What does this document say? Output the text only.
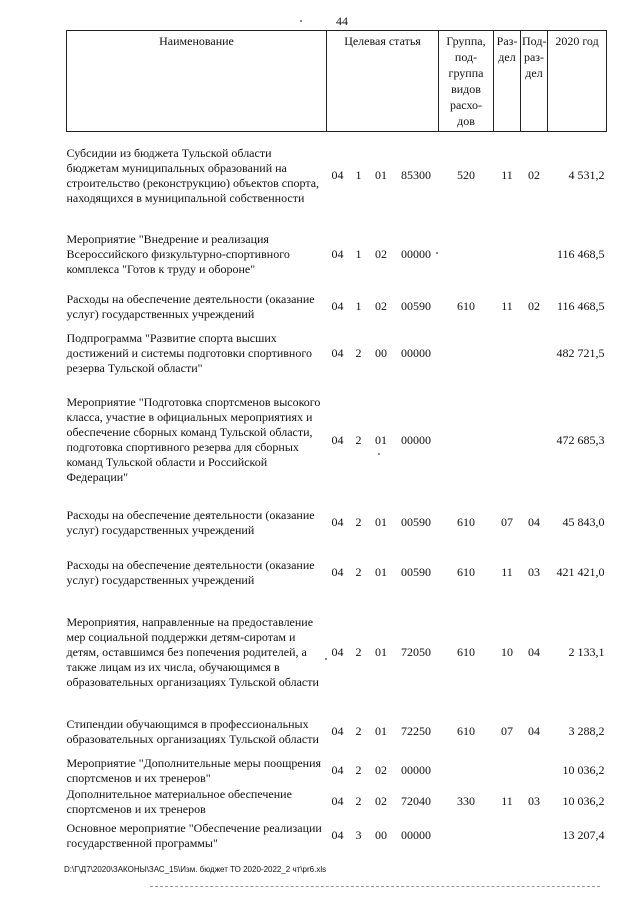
44
Наименование	Целевая статья				Группа, под- группа видов расхо- дов	Раз- дел	Под- раз- дел	2020 год
Субсидии из бюджета Тульской области бюджетам муниципальных образований на строительство (реконструкцию) объектов спорта, находящихся в муниципальной собственности	04	1	01	85300	520	11	02	4 531,2
Мероприятие "Внедрение и реализация Всероссийского физкультурно-спортивного комплекса "Готов к труду и обороне"	04	1	02	00000				116 468,5
Расходы на обеспечение деятельности (оказание услуг) государственных учреждений	04	1	02	00590	610	11	02	116 468,5
Подпрограмма "Развитие спорта высших достижений и системы подготовки спортивного резерва Тульской области"	04	2	00	00000				482 721,5
Мероприятие "Подготовка спортсменов высокого класса, участие в официальных мероприятиях и обеспечение сборных команд Тульской области, подготовка спортивного резерва для сборных команд Тульской области и Российской Федерации"	04	2	01	00000				472 685,3
Расходы на обеспечение деятельности (оказание услуг) государственных учреждений	04	2	01	00590	610	07	04	45 843,0
Расходы на обеспечение деятельности (оказание услуг) государственных учреждений	04	2	01	00590	610	11	03	421 421,0
Мероприятия, направленные на предоставление мер социальной поддержки детям-сиротам и детям, оставшимся без попечения родителей, а также лицам из их числа, обучающимся в образовательных организациях Тульской области	04	2	01	72050	610	10	04	2 133,1
Стипендии обучающимся в профессиональных образовательных организациях Тульской области	04	2	01	72250	610	07	04	3 288,2
Мероприятие "Дополнительные меры поощрения спортсменов и их тренеров"	04	2	02	00000				10 036,2
Дополнительное материальное обеспечение спортсменов и их тренеров	04	2	02	72040	330	11	03	10 036,2
Основное мероприятие "Обеспечение реализации государственной программы"	04	3	00	00000				13 207,4
D:\Г\Д7\2020\ЗАКОНЫ\ЗАС_15\Изм. бюджет ТО 2020-2022_2 чт\pr6.xls
